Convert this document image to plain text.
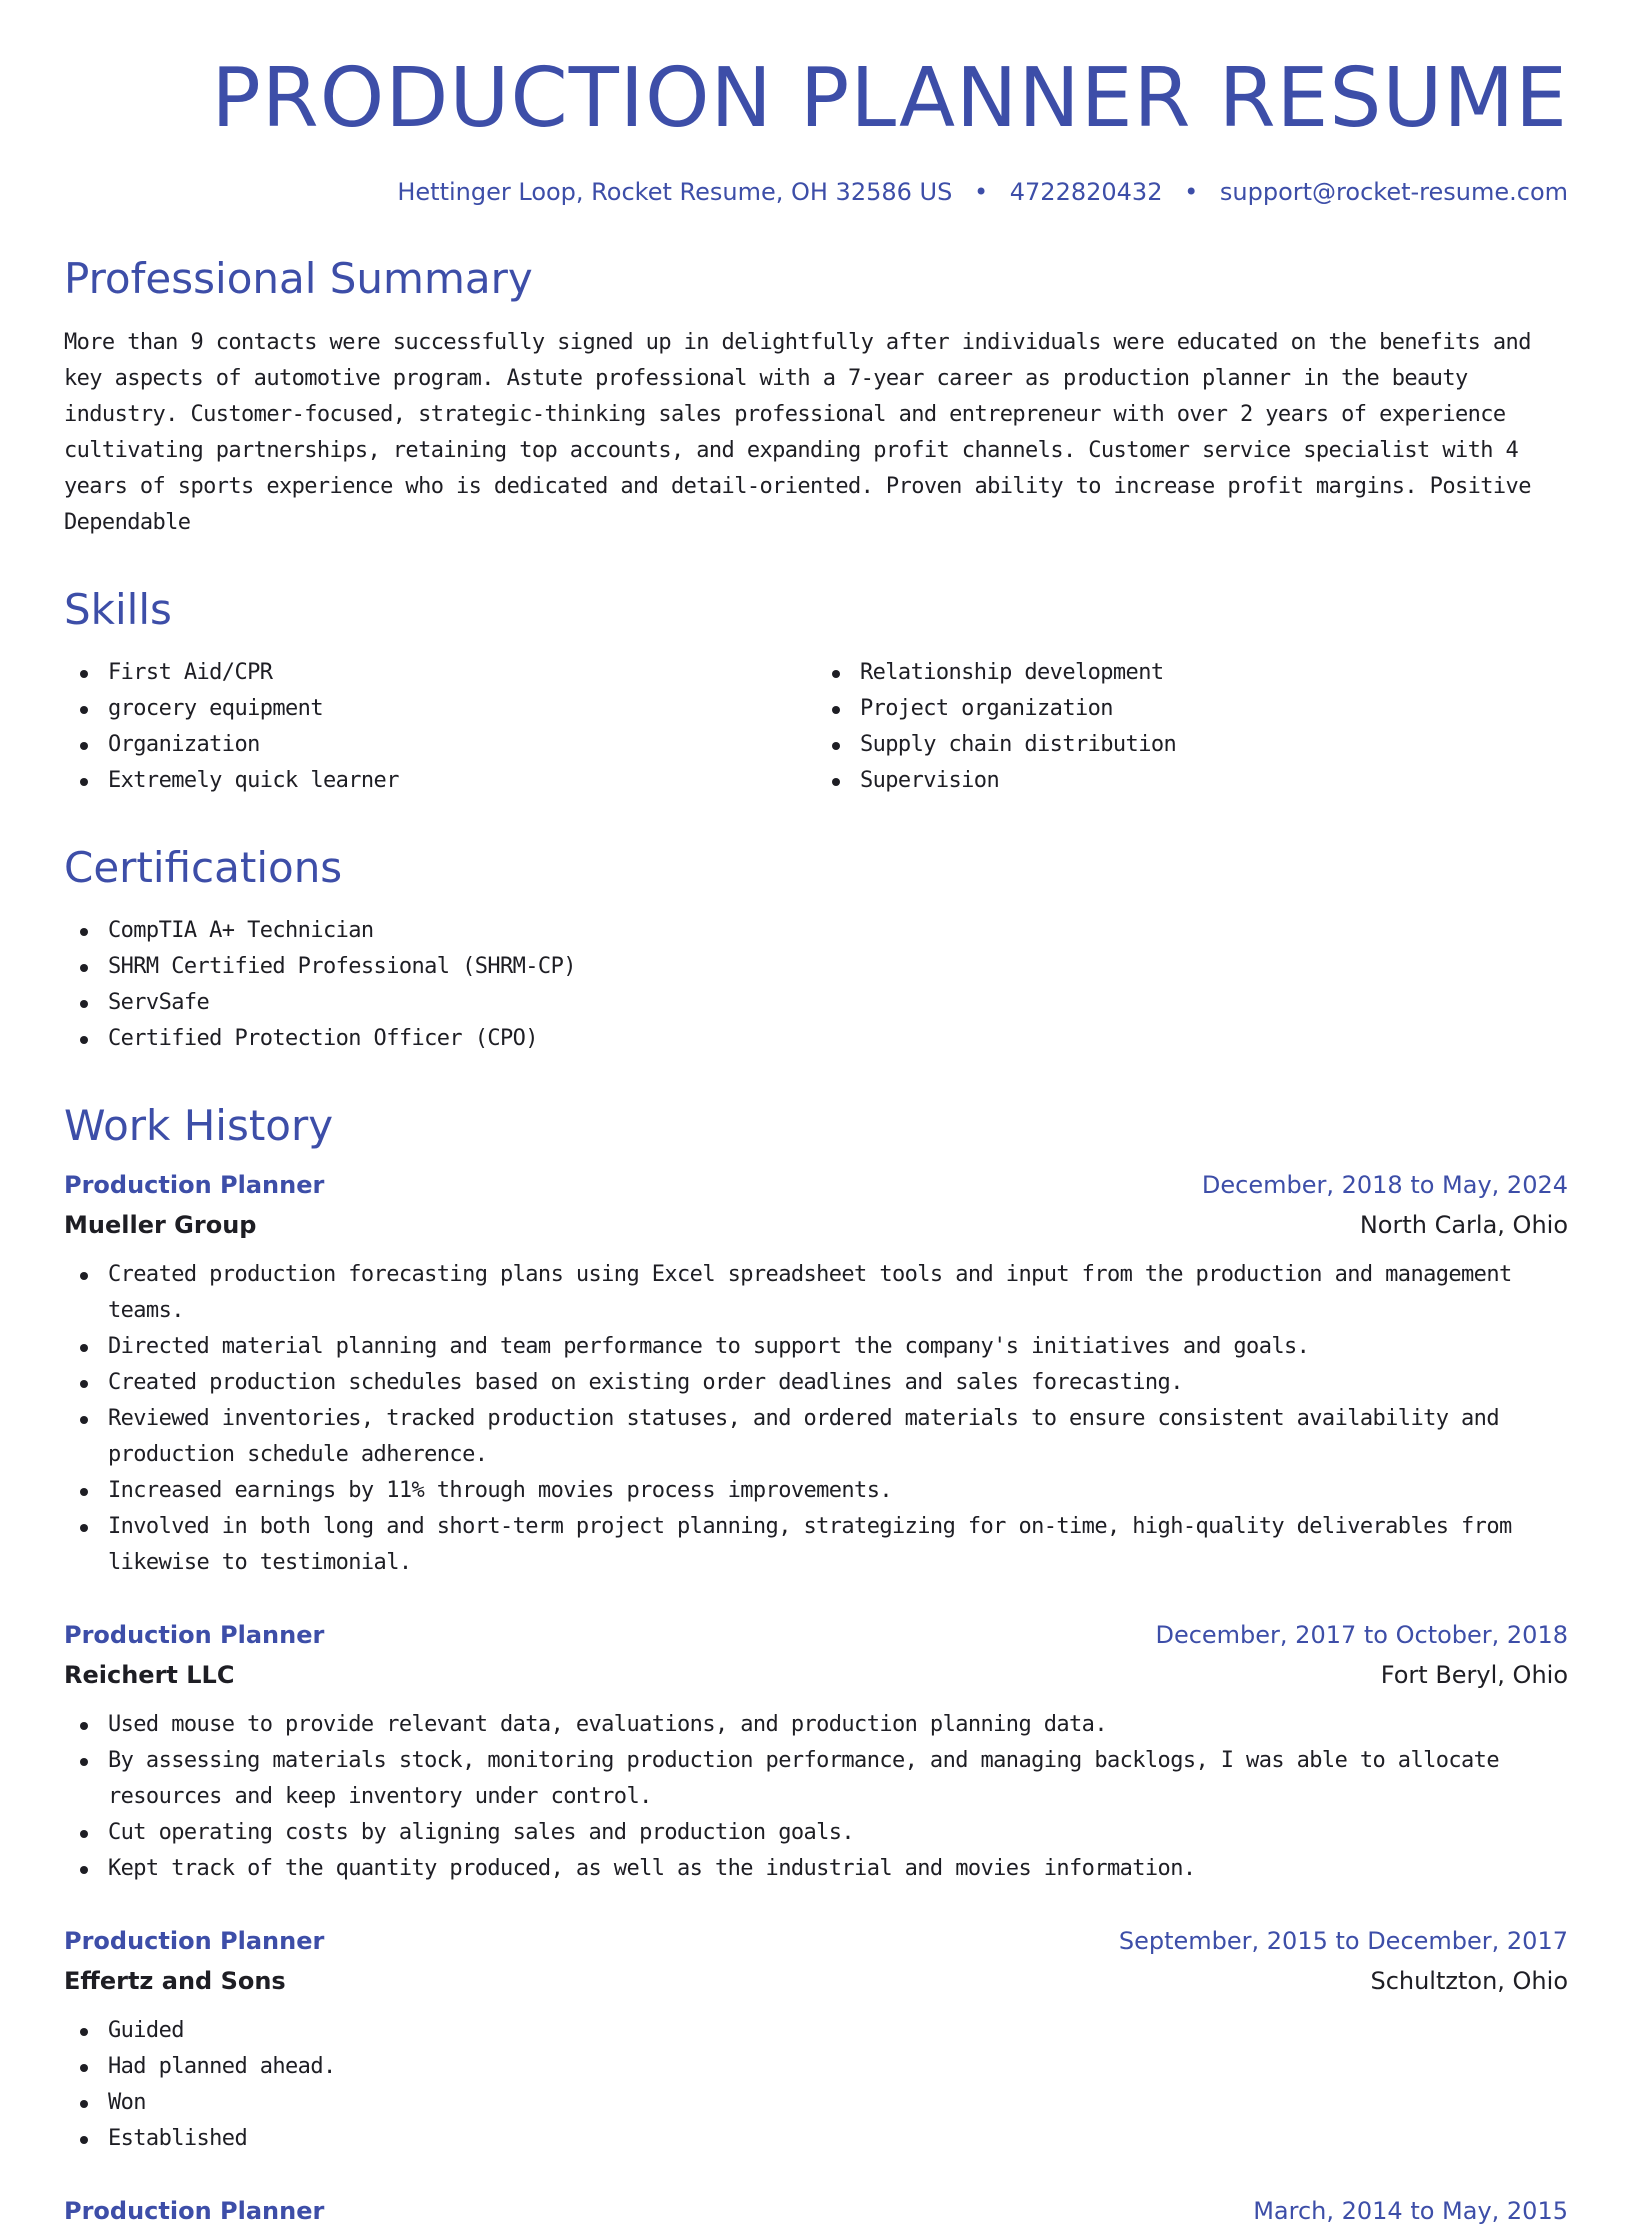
PRODUCTION PLANNER RESUME
Hettinger Loop, Rocket Resume, OH 32586 US • 4722820432 • support@rocket-resume.com
Professional Summary

More than 9 contacts were successfully signed up in delightfully after individuals were educated on the benefits and key aspects of automotive program. Astute professional with a 7-year career as production planner in the beauty industry. Customer-focused, strategic-thinking sales professional and entrepreneur with over 2 years of experience cultivating partnerships, retaining top accounts, and expanding profit channels. Customer service specialist with 4 years of sports experience who is dedicated and detail-oriented. Proven ability to increase profit margins. Positive Dependable

Skills
First Aid/CPR
grocery equipment
Organization
Extremely quick learner
Relationship development
Project organization
Supply chain distribution
Supervision
Certifications
CompTIA A+ Technician
SHRM Certified Professional (SHRM-CP)
ServSafe
Certified Protection Officer (CPO)
Work History
Production Planner	December, 2018 to May, 2024
Mueller Group	North Carla, Ohio
Created production forecasting plans using Excel spreadsheet tools and input from the production and management teams.
Directed material planning and team performance to support the company's initiatives and goals.
Created production schedules based on existing order deadlines and sales forecasting.
Reviewed inventories, tracked production statuses, and ordered materials to ensure consistent availability and production schedule adherence.
Increased earnings by 11% through movies process improvements.
Involved in both long and short-term project planning, strategizing for on-time, high-quality deliverables from likewise to testimonial.
Production Planner	December, 2017 to October, 2018
Reichert LLC	Fort Beryl, Ohio
Used mouse to provide relevant data, evaluations, and production planning data.
By assessing materials stock, monitoring production performance, and managing backlogs, I was able to allocate resources and keep inventory under control.
Cut operating costs by aligning sales and production goals.
Kept track of the quantity produced, as well as the industrial and movies information.
Production Planner	September, 2015 to December, 2017
Effertz and Sons	Schultzton, Ohio
Guided
Had planned ahead.
Won
Established
Production Planner	March, 2014 to May, 2015
